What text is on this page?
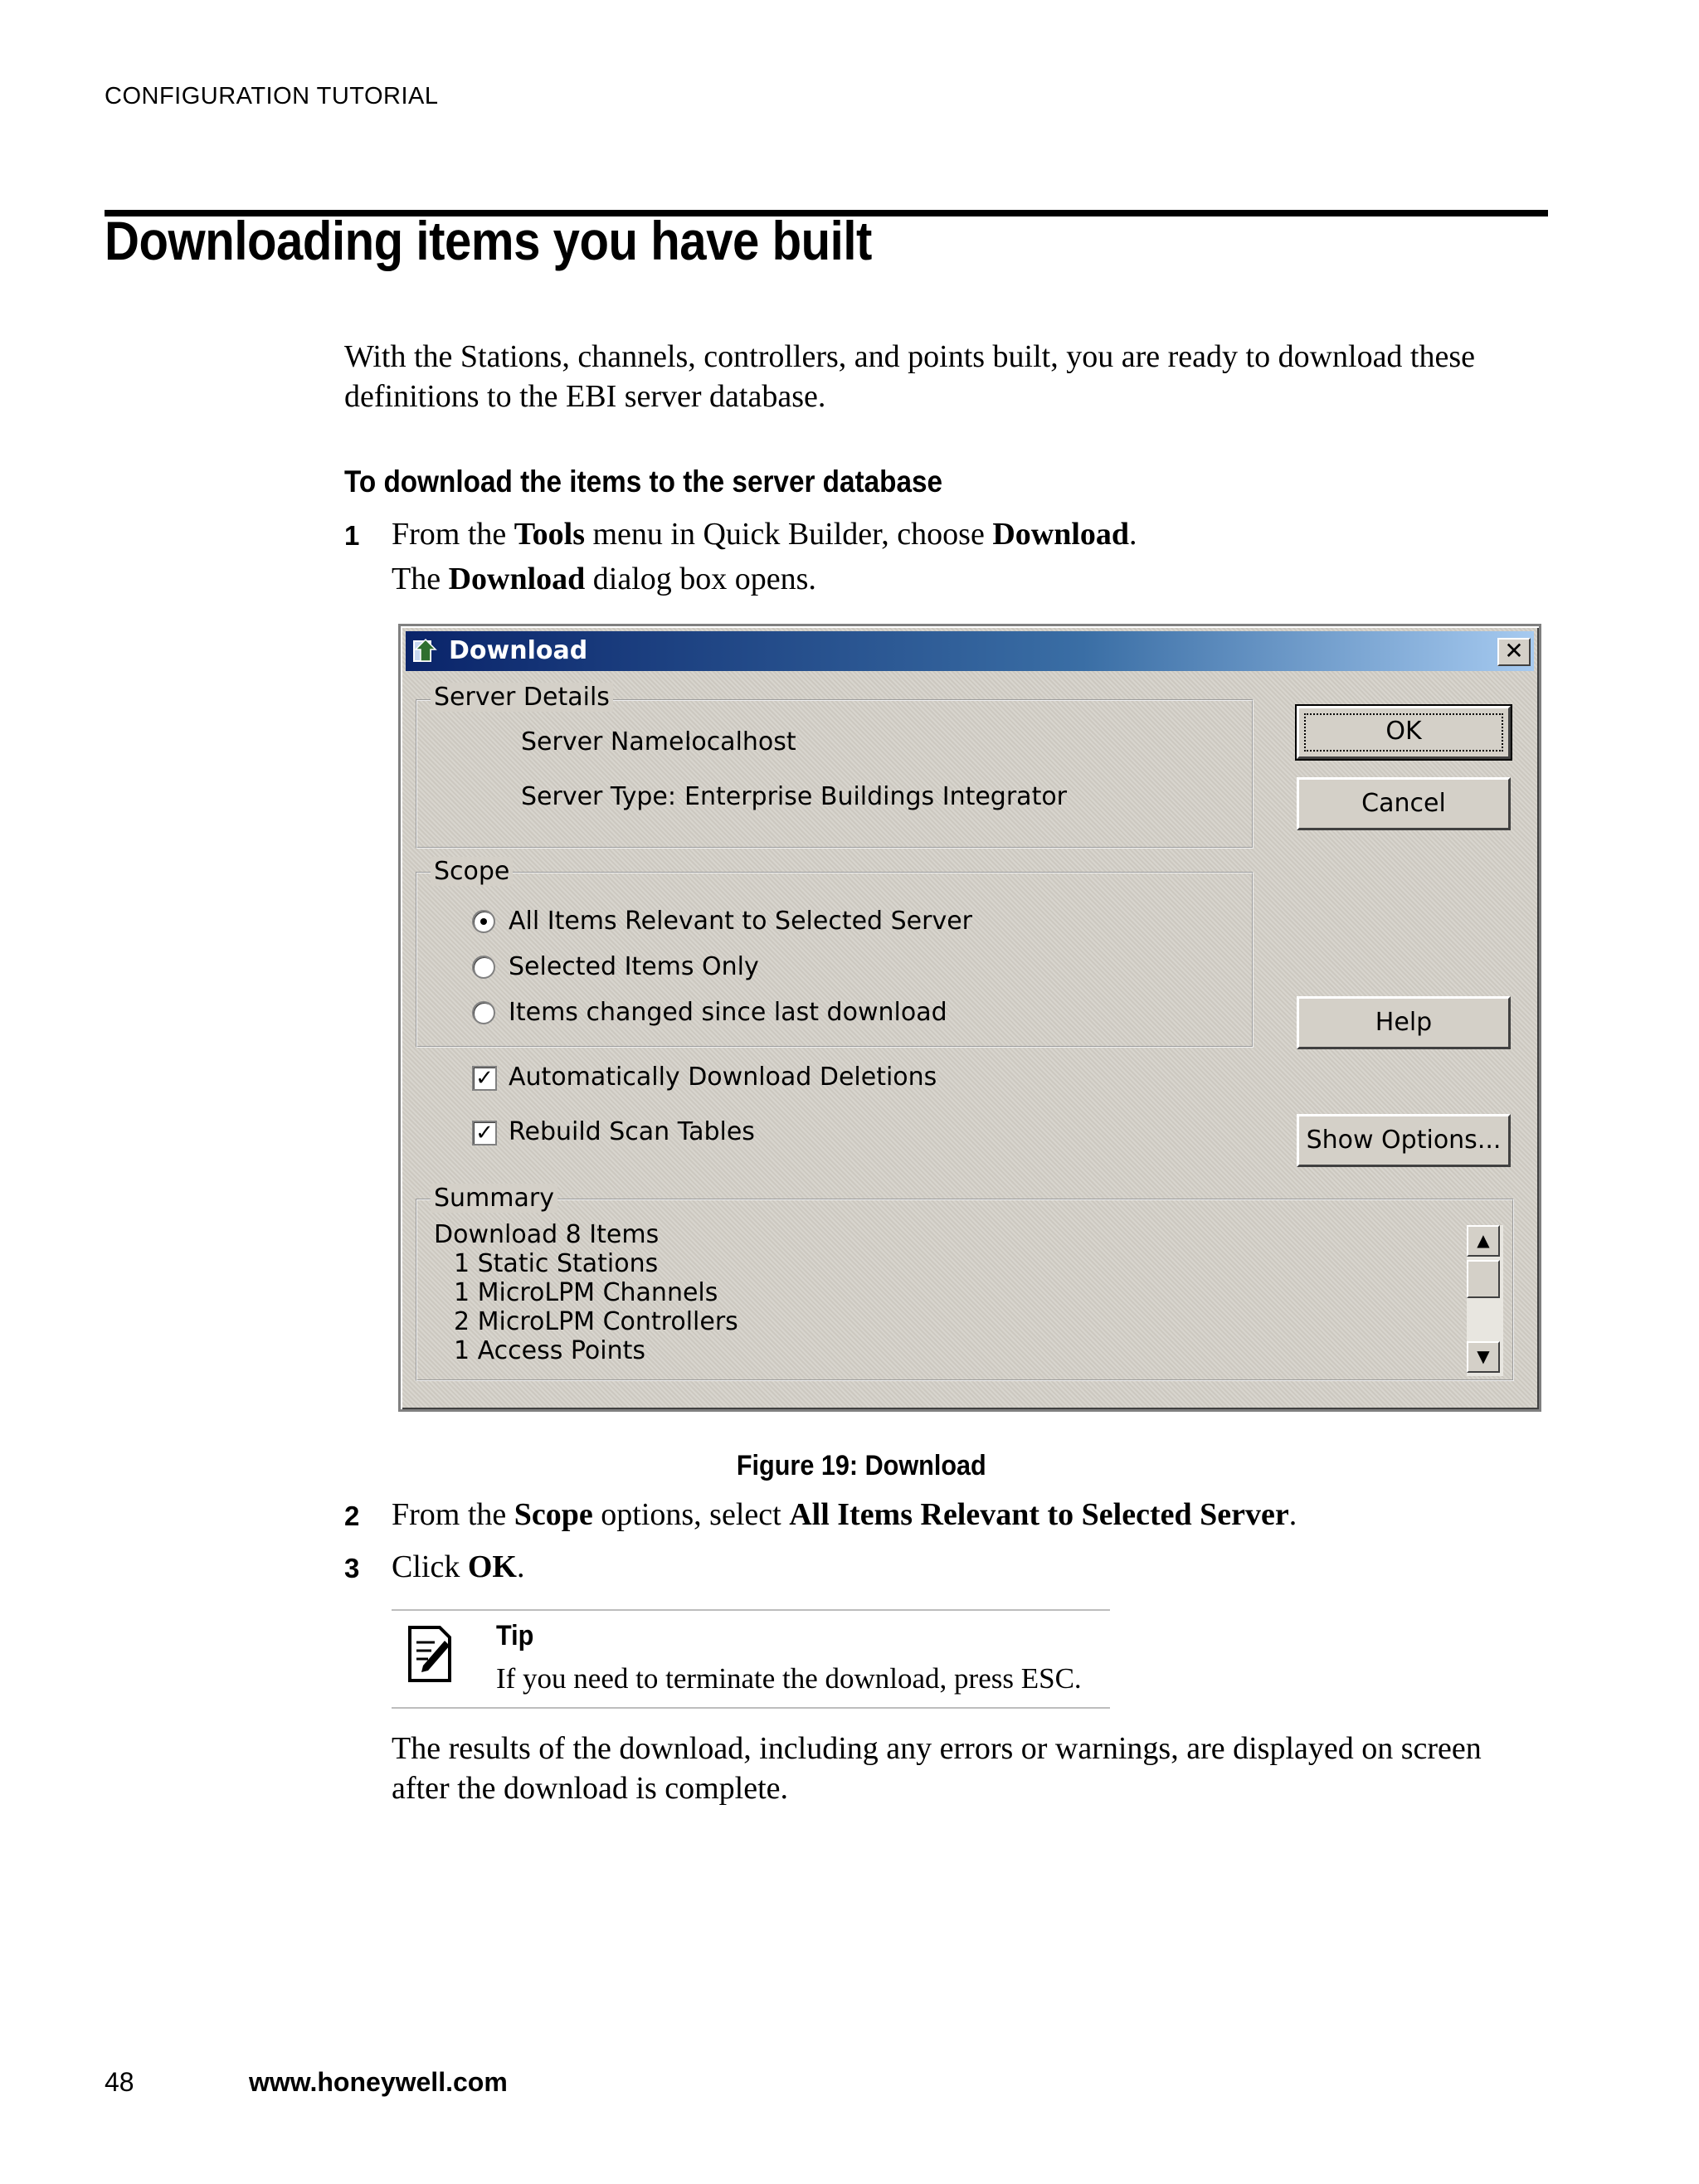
CONFIGURATION TUTORIAL
Downloading items you have built
With the Stations, channels, controllers, and points built, you are ready to download these definitions to the EBI server database.
To download the items to the server database
1 From the Tools menu in Quick Builder, choose Download.
The Download dialog box opens.
Download	✕
Server Details
Server Name:
localhost
Server Type: Enterprise Buildings Integrator
Scope
All Items Relevant to Selected Server
Selected Items Only
Items changed since last download
✓ Automatically Download Deletions
✓ Rebuild Scan Tables
OK
Cancel
Help
Show Options...
Summary
Download 8 Items
1 Static Stations
1 MicroLPM Channels
2 MicroLPM Controllers
1 Access Points
▲
▼
Figure 19: Download
2 From the Scope options, select All Items Relevant to Selected Server.
3 Click OK.
Tip
If you need to terminate the download, press ESC.
The results of the download, including any errors or warnings, are displayed on screen after the download is complete.
48	www.honeywell.com
